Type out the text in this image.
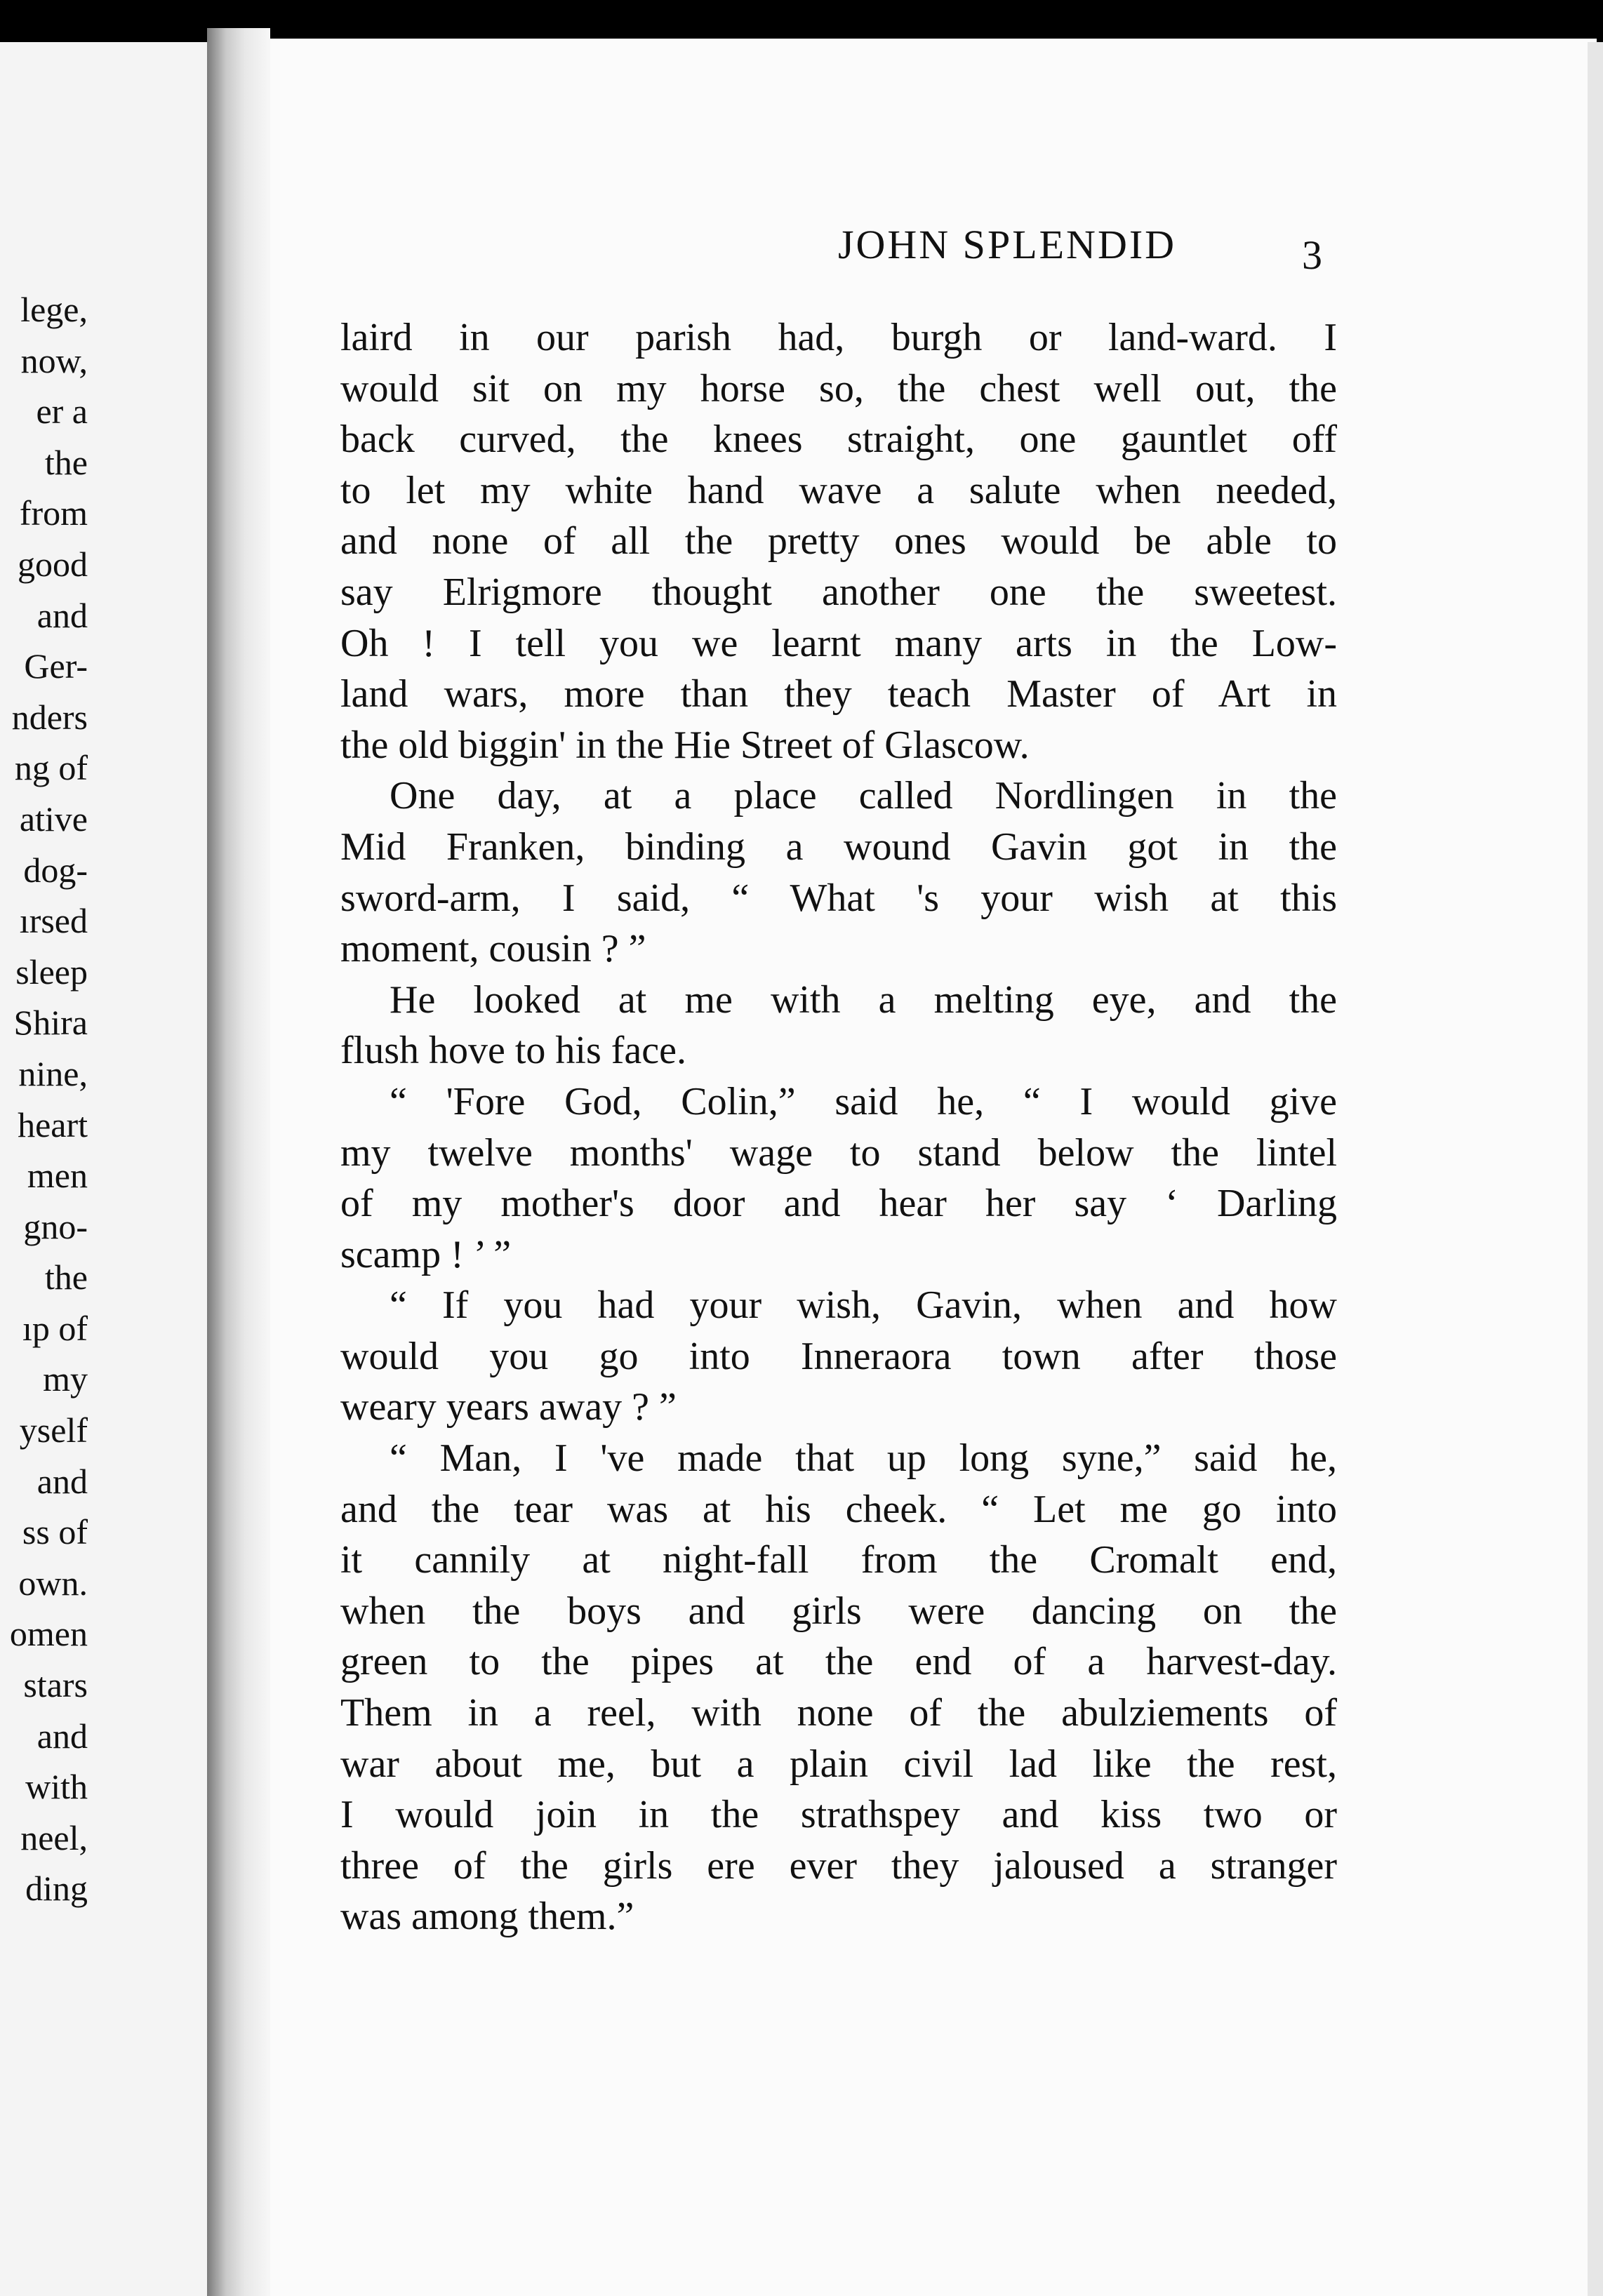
lege,
now,
er a
the
from
good
and
Ger-
nders
ng of
ative
dog-
ırsed
sleep
Shira
nine,
heart
men
gno-
the
ıp of
my
yself
and
ss of
own.
omen
stars
and
with
neel,
ding
JOHN SPLENDID	3
laird in our parish had, burgh or land-ward. I
would sit on my horse so, the chest well out, the
back curved, the knees straight, one gauntlet off
to let my white hand wave a salute when needed,
and none of all the pretty ones would be able to
say Elrigmore thought another one the sweetest.
Oh ! I tell you we learnt many arts in the Low-
land wars, more than they teach Master of Art in
the old biggin' in the Hie Street of Glascow.
One day, at a place called Nordlingen in the
Mid Franken, binding a wound Gavin got in the
sword-arm, I said, “ What 's your wish at this
moment, cousin ? ”
He looked at me with a melting eye, and the
flush hove to his face.
“ 'Fore God, Colin,” said he, “ I would give
my twelve months' wage to stand below the lintel
of my mother's door and hear her say ‘ Darling
scamp ! ’ ”
“ If you had your wish, Gavin, when and how
would you go into Inneraora town after those
weary years away ? ”
“ Man, I 've made that up long syne,” said he,
and the tear was at his cheek. “ Let me go into
it cannily at night-fall from the Cromalt end,
when the boys and girls were dancing on the
green to the pipes at the end of a harvest-day.
Them in a reel, with none of the abulziements of
war about me, but a plain civil lad like the rest,
I would join in the strathspey and kiss two or
three of the girls ere ever they jaloused a stranger
was among them.”
